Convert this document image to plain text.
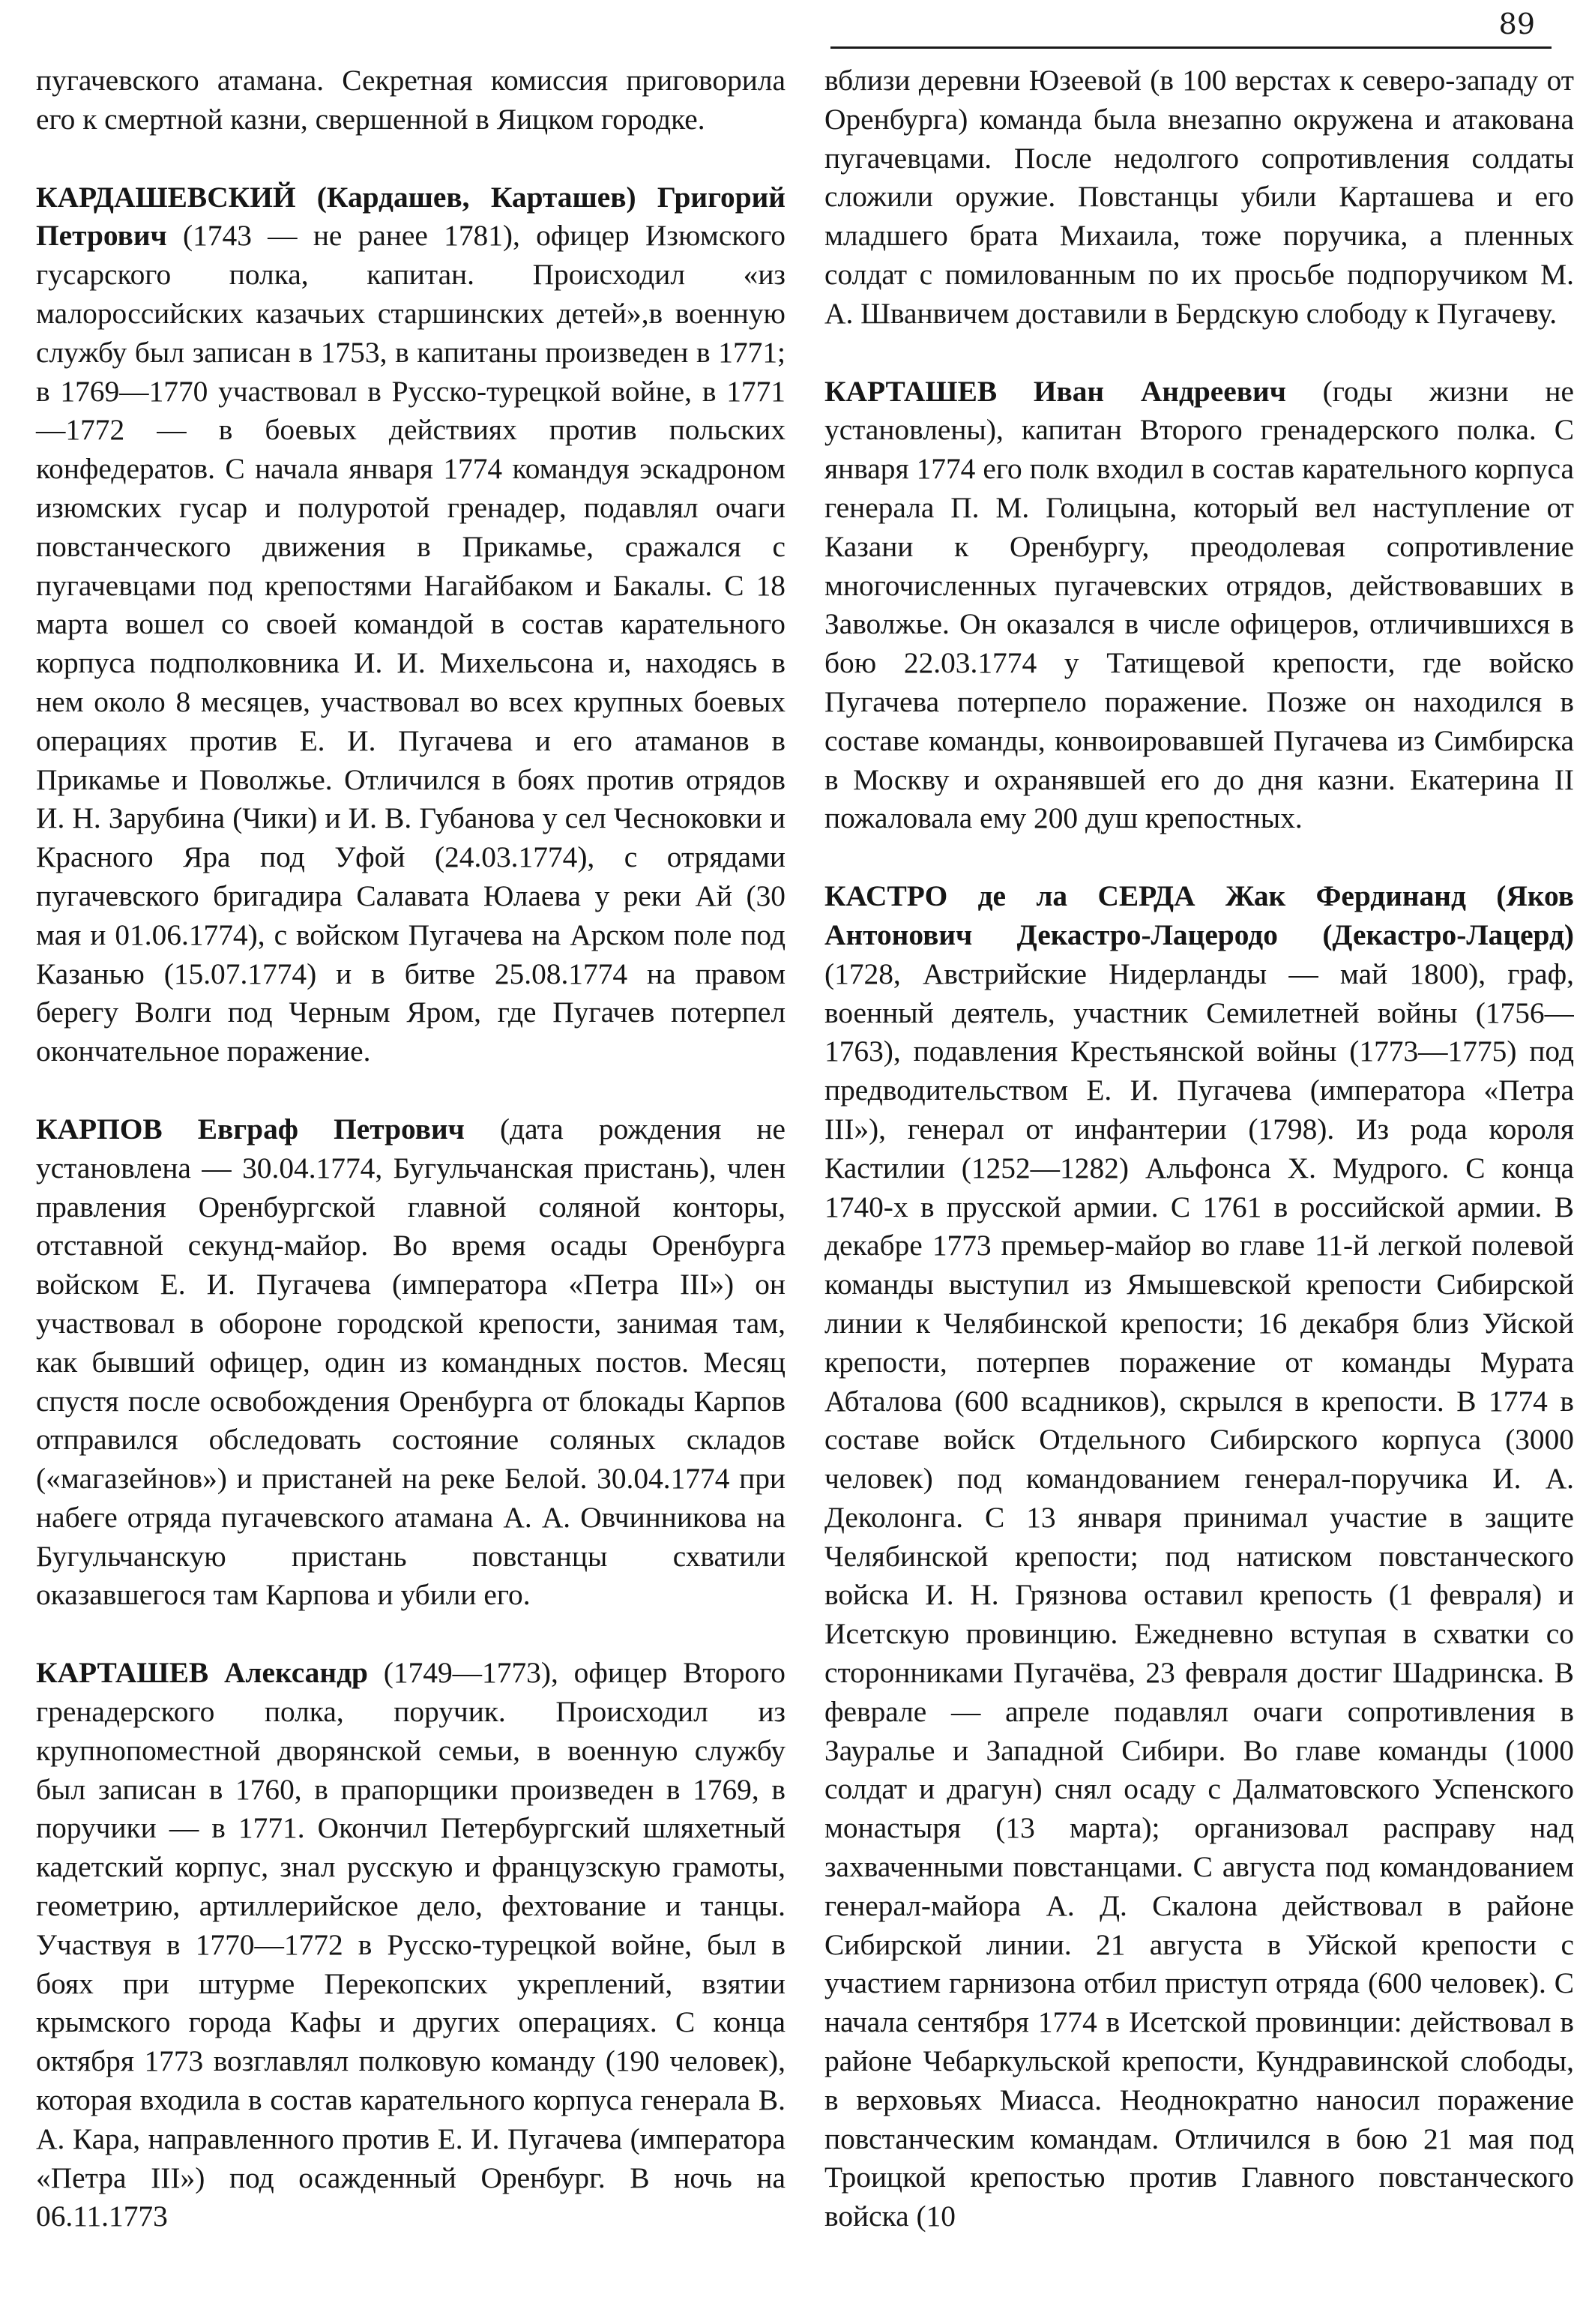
89

пугачевского атамана. Секретная комиссия приговорила его к смертной казни, свершенной в Яицком городке.

КАРДАШЕВСКИЙ (Кардашев, Карташев) Григорий Петрович (1743 — не ранее 1781), офицер Изюмского гусарского полка, капитан. Происходил «из малороссийских казачьих старшинских детей»,в военную службу был записан в 1753, в капитаны произведен в 1771; в 1769—1770 участвовал в Русско-турецкой войне, в 1771—1772 — в боевых действиях против польских конфедератов. С начала января 1774 командуя эскадроном изюмских гусар и полуротой гренадер, подавлял очаги повстанческого движения в Прикамье, сражался с пугачевцами под крепостями Нагайбаком и Бакалы. С 18 марта вошел со своей командой в состав карательного корпуса подполковника И. И. Михельсона и, находясь в нем около 8 месяцев, участвовал во всех крупных боевых операциях против Е. И. Пугачева и его атаманов в Прикамье и Поволжье. Отличился в боях против отрядов И. Н. Зарубина (Чики) и И. В. Губанова у сел Чесноковки и Красного Яра под Уфой (24.03.1774), с отрядами пугачевского бригадира Салавата Юлаева у реки Ай (30 мая и 01.06.1774), с войском Пугачева на Арском поле под Казанью (15.07.1774) и в битве 25.08.1774 на правом берегу Волги под Черным Яром, где Пугачев потерпел окончательное поражение.

КАРПОВ Евграф Петрович (дата рождения не установлена — 30.04.1774, Бугульчанская пристань), член правления Оренбургской главной соляной конторы, отставной секунд-майор. Во время осады Оренбурга войском Е. И. Пугачева (императора «Петра III») он участвовал в обороне городской крепости, занимая там, как бывший офицер, один из командных постов. Месяц спустя после освобождения Оренбурга от блокады Карпов отправился обследовать состояние соляных складов («магазейнов») и пристаней на реке Белой. 30.04.1774 при набеге отряда пугачевского атамана А. А. Овчинникова на Бугульчанскую пристань повстанцы схватили оказавшегося там Карпова и убили его.

КАРТАШЕВ Александр (1749—1773), офицер Второго гренадерского полка, поручик. Происходил из крупнопоместной дворянской семьи, в военную службу был записан в 1760, в прапорщики произведен в 1769, в поручики — в 1771. Окончил Петербургский шляхетный кадетский корпус, знал русскую и французскую грамоты, геометрию, артиллерийское дело, фехтование и танцы. Участвуя в 1770—1772 в Русско-турецкой войне, был в боях при штурме Перекопских укреплений, взятии крымского города Кафы и других операциях. С конца октября 1773 возглавлял полковую команду (190 человек), которая входила в состав карательного корпуса генерала В. А. Кара, направленного против Е. И. Пугачева (императора «Петра III») под осажденный Оренбург. В ночь на 06.11.1773

вблизи деревни Юзеевой (в 100 верстах к северо-западу от Оренбурга) команда была внезапно окружена и атакована пугачевцами. После недолгого сопротивления солдаты сложили оружие. Повстанцы убили Карташева и его младшего брата Михаила, тоже поручика, а пленных солдат с помилованным по их просьбе подпоручиком М. А. Шванвичем доставили в Бердскую слободу к Пугачеву.

КАРТАШЕВ Иван Андреевич (годы жизни не установлены), капитан Второго гренадерского полка. С января 1774 его полк входил в состав карательного корпуса генерала П. М. Голицына, который вел наступление от Казани к Оренбургу, преодолевая сопротивление многочисленных пугачевских отрядов, действовавших в Заволжье. Он оказался в числе офицеров, отличившихся в бою 22.03.1774 у Татищевой крепости, где войско Пугачева потерпело поражение. Позже он находился в составе команды, конвоировавшей Пугачева из Симбирска в Москву и охранявшей его до дня казни. Екатерина II пожаловала ему 200 душ крепостных.

КАСТРО де ла СЕРДА Жак Фердинанд (Яков Антонович Декастро-Лацеродо (Декастро-Лацерд) (1728, Австрийские Нидерланды — май 1800), граф, военный деятель, участник Семилетней войны (1756—1763), подавления Крестьянской войны (1773—1775) под предводительством Е. И. Пугачева (императора «Петра III»), генерал от инфантерии (1798). Из рода короля Кастилии (1252—1282) Альфонса X. Мудрого. С конца 1740-х в прусской армии. С 1761 в российской армии. В декабре 1773 премьер-майор во главе 11-й легкой полевой команды выступил из Ямышевской крепости Сибирской линии к Челябинской крепости; 16 декабря близ Уйской крепости, потерпев поражение от команды Мурата Абталова (600 всадников), скрылся в крепости. В 1774 в составе войск Отдельного Сибирского корпуса (3000 человек) под командованием генерал-поручика И. А. Деколонга. С 13 января принимал участие в защите Челябинской крепости; под натиском повстанческого войска И. Н. Грязнова оставил крепость (1 февраля) и Исетскую провинцию. Ежедневно вступая в схватки со сторонниками Пугачёва, 23 февраля достиг Шадринска. В феврале — апреле подавлял очаги сопротивления в Зауралье и Западной Сибири. Во главе команды (1000 солдат и драгун) снял осаду с Далматовского Успенского монастыря (13 марта); организовал расправу над захваченными повстанцами. С августа под командованием генерал-майора А. Д. Скалона действовал в районе Сибирской линии. 21 августа в Уйской крепости с участием гарнизона отбил приступ отряда (600 человек). С начала сентября 1774 в Исетской провинции: действовал в районе Чебаркульской крепости, Кундравинской слободы, в верховьях Миасса. Неоднократно наносил поражение повстанческим командам. Отличился в бою 21 мая под Троицкой крепостью против Главного повстанческого войска (10
